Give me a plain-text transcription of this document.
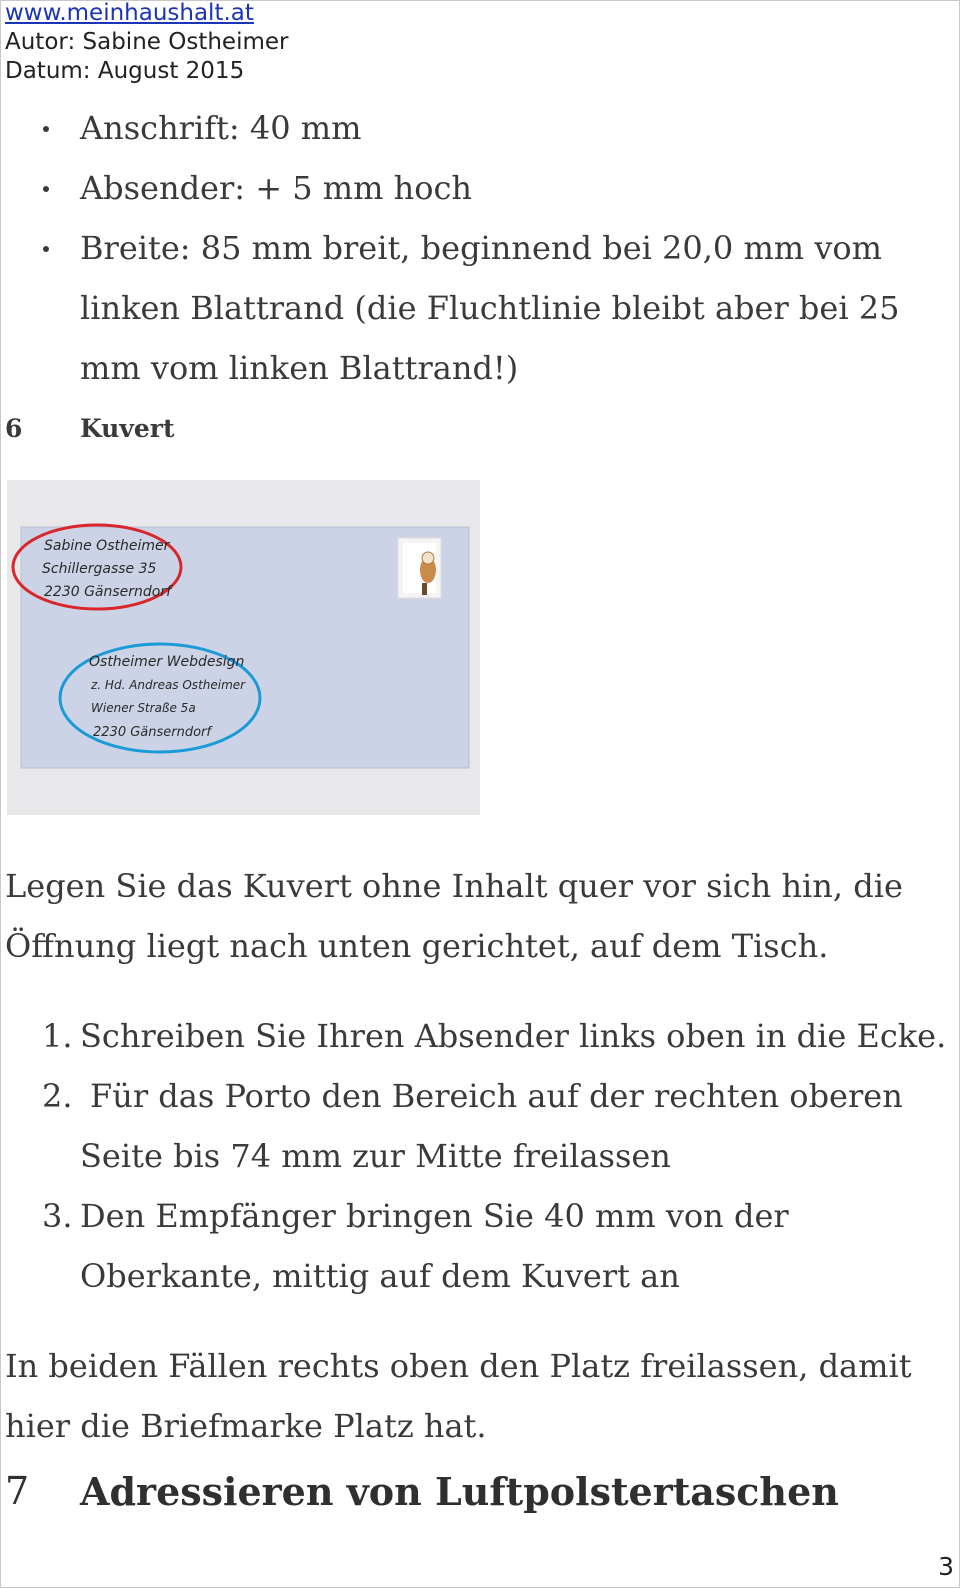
www.meinhaushalt.at
Autor: Sabine Ostheimer
Datum: August 2015
Anschrift: 40 mm
Absender: + 5 mm hoch
Breite: 85 mm breit, beginnend bei 20,0 mm vom linken Blattrand (die Fluchtlinie bleibt aber bei 25 mm vom linken Blattrand!)
6 Kuvert
Sabine Ostheimer
Schillergasse 35
2230 Gänserndorf
Ostheimer Webdesign
z. Hd. Andreas Ostheimer
Wiener Straße 5a
2230 Gänserndorf

Legen Sie das Kuvert ohne Inhalt quer vor sich hin, die Öffnung liegt nach unten gerichtet, auf dem Tisch.

1. Schreiben Sie Ihren Absender links oben in die Ecke.
2. Für das Porto den Bereich auf der rechten oberen Seite bis 74 mm zur Mitte freilassen
3. Den Empfänger bringen Sie 40 mm von der Oberkante, mittig auf dem Kuvert an

In beiden Fällen rechts oben den Platz freilassen, damit hier die Briefmarke Platz hat.

7 Adressieren von Luftpolstertaschen
3
